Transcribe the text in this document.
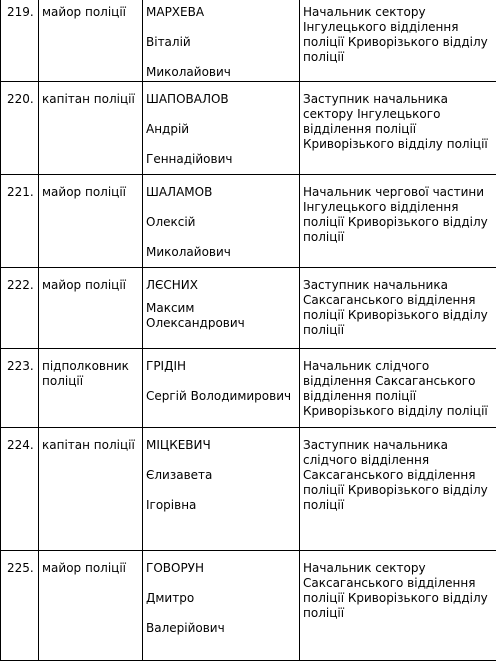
219.	майор поліції	МАРХЕВА
Віталій
Миколайович	Начальник сектору Інгулецького відділення поліції Криворізького відділу поліції

220.	капітан поліції	ШАПОВАЛОВ
Андрій
Геннадійович	Заступник начальника сектору Інгулецького відділення поліції Криворізького відділу поліції

221.	майор поліції	ШАЛАМОВ
Олексій
Миколайович	Начальник чергової частини Інгулецького відділення поліції Криворізького відділу поліції

222.	майор поліції	ЛЄСНИХ
Максим
Олександрович	Заступник начальника Саксаганського відділення поліції Криворізького відділу поліції

223.	підполковник поліції	ГРІДІН
Сергій Володимирович	Начальник слідчого відділення Саксаганського відділення поліції Криворізького відділу поліції

224.	капітан поліції	МІЦКЕВИЧ
Єлизавета
Ігорівна	Заступник начальника слідчого відділення Саксаганського відділення поліції Криворізького відділу поліції

225.	майор поліції	ГОВОРУН
Дмитро
Валерійович	Начальник сектору Саксаганського відділення поліції Криворізького відділу поліції
